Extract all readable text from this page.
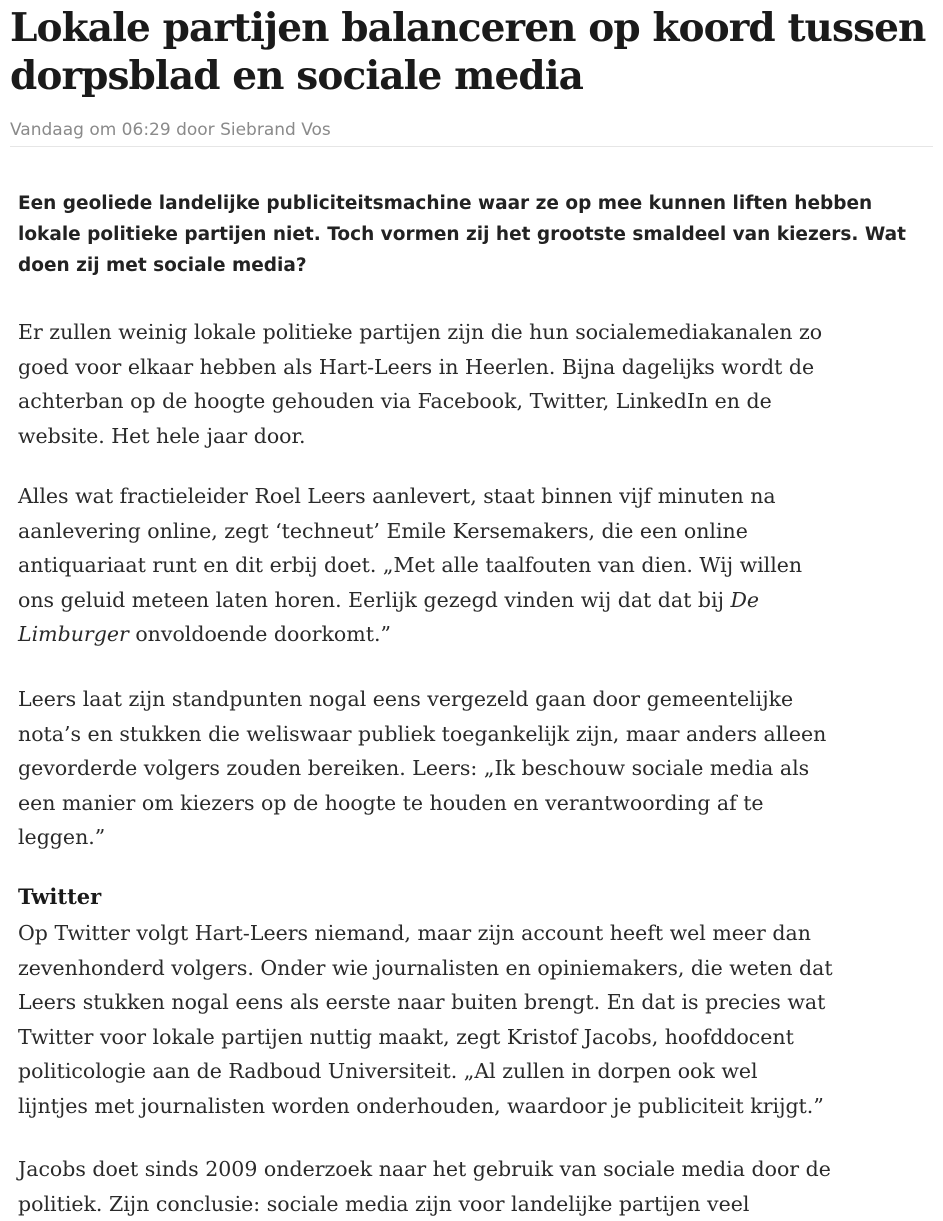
Lokale partijen balanceren op koord tussen dorpsblad en sociale media
Vandaag om 06:29 door Siebrand Vos

Een geoliede landelijke publiciteitsmachine waar ze op mee kunnen liften hebben lokale politieke partijen niet. Toch vormen zij het grootste smaldeel van kiezers. Wat doen zij met sociale media?

Er zullen weinig lokale politieke partijen zijn die hun socialemediakanalen zo
goed voor elkaar hebben als Hart-Leers in Heerlen. Bijna dagelijks wordt de
achterban op de hoogte gehouden via Facebook, Twitter, LinkedIn en de
website. Het hele jaar door.

Alles wat fractieleider Roel Leers aanlevert, staat binnen vijf minuten na
aanlevering online, zegt ‘techneut’ Emile Kersemakers, die een online
antiquariaat runt en dit erbij doet. „Met alle taalfouten van dien. Wij willen
ons geluid meteen laten horen. Eerlijk gezegd vinden wij dat dat bij De
Limburger onvoldoende doorkomt.”

Leers laat zijn standpunten nogal eens vergezeld gaan door gemeentelijke
nota’s en stukken die weliswaar publiek toegankelijk zijn, maar anders alleen
gevorderde volgers zouden bereiken. Leers: „Ik beschouw sociale media als
een manier om kiezers op de hoogte te houden en verantwoording af te
leggen.”

Twitter

Op Twitter volgt Hart-Leers niemand, maar zijn account heeft wel meer dan
zevenhonderd volgers. Onder wie journalisten en opiniemakers, die weten dat
Leers stukken nogal eens als eerste naar buiten brengt. En dat is precies wat
Twitter voor lokale partijen nuttig maakt, zegt Kristof Jacobs, hoofddocent
politicologie aan de Radboud Universiteit. „Al zullen in dorpen ook wel
lijntjes met journalisten worden onderhouden, waardoor je publiciteit krijgt.”

Jacobs doet sinds 2009 onderzoek naar het gebruik van sociale media door de
politiek. Zijn conclusie: sociale media zijn voor landelijke partijen veel
